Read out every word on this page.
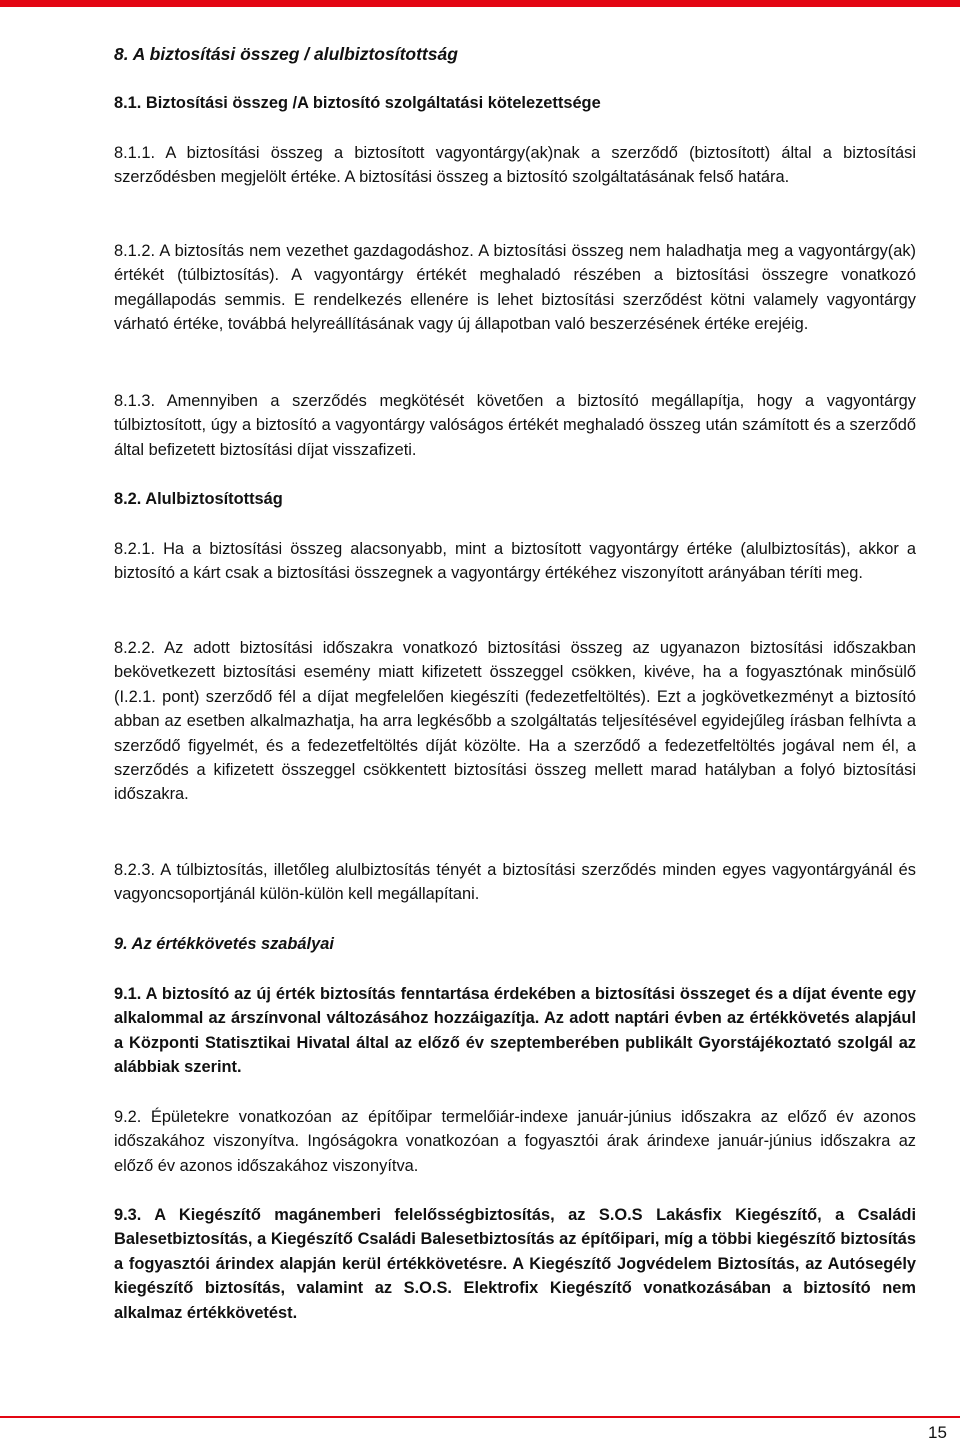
8. A biztosítási összeg / alulbiztosítottság

8.1. Biztosítási összeg /A biztosító szolgáltatási kötelezettsége

8.1.1. A biztosítási összeg a biztosított vagyontárgy(ak)nak a szerződő (biztosított) által a biztosítási szerződésben megjelölt értéke. A biztosítási összeg a biztosító szolgáltatásának felső határa.

8.1.2. A biztosítás nem vezethet gazdagodáshoz. A biztosítási összeg nem haladhatja meg a vagyontárgy(ak) értékét (túlbiztosítás). A vagyontárgy értékét meghaladó részében a biztosítási összegre vonatkozó megállapodás semmis. E rendelkezés ellenére is lehet biztosítási szerződést kötni valamely vagyontárgy várható értéke, továbbá helyreállításának vagy új állapotban való beszerzésének értéke erejéig.

8.1.3. Amennyiben a szerződés megkötését követően a biztosító megállapítja, hogy a vagyontárgy túlbiztosított, úgy a biztosító a vagyontárgy valóságos értékét meghaladó összeg után számított és a szerződő által befizetett biztosítási díjat visszafizeti.

8.2. Alulbiztosítottság

8.2.1. Ha a biztosítási összeg alacsonyabb, mint a biztosított vagyontárgy értéke (alulbiztosítás), akkor a biztosító a kárt csak a biztosítási összegnek a vagyontárgy értékéhez viszonyított arányában téríti meg.

8.2.2. Az adott biztosítási időszakra vonatkozó biztosítási összeg az ugyanazon biztosítási időszakban bekövetkezett biztosítási esemény miatt kifizetett összeggel csökken, kivéve, ha a fogyasztónak minősülő (I.2.1. pont) szerződő fél a díjat megfelelően kiegészíti (fedezetfeltöltés). Ezt a jogkövetkezményt a biztosító abban az esetben alkalmazhatja, ha arra legkésőbb a szolgáltatás teljesítésével egyidejűleg írásban felhívta a szerződő figyelmét, és a fedezetfeltöltés díját közölte. Ha a szerződő a fedezetfeltöltés jogával nem él, a szerződés a kifizetett összeggel csökkentett biztosítási összeg mellett marad hatályban a folyó biztosítási időszakra.

8.2.3. A túlbiztosítás, illetőleg alulbiztosítás tényét a biztosítási szerződés minden egyes vagyontárgyánál és vagyoncsoportjánál külön-külön kell megállapítani.

9. Az értékkövetés szabályai

9.1. A biztosító az új érték biztosítás fenntartása érdekében a biztosítási összeget és a díjat évente egy alkalommal az árszínvonal változásához hozzáigazítja. Az adott naptári évben az értékkövetés alapjául a Központi Statisztikai Hivatal által az előző év szeptemberében publikált Gyorstájékoztató szolgál az alábbiak szerint.

9.2. Épületekre vonatkozóan az építőipar termelőiár-indexe január-június időszakra az előző év azonos időszakához viszonyítva. Ingóságokra vonatkozóan a fogyasztói árak árindexe január-június időszakra az előző év azonos időszakához viszonyítva.

9.3. A Kiegészítő magánemberi felelősségbiztosítás, az S.O.S Lakásfix Kiegészítő, a Családi Balesetbiztosítás, a Kiegészítő Családi Balesetbiztosítás az építőipari, míg a többi kiegészítő biztosítás a fogyasztói árindex alapján kerül értékkövetésre. A Kiegészítő Jogvédelem Biztosítás, az Autósegély kiegészítő biztosítás, valamint az S.O.S. Elektrofix Kiegészítő vonatkozásában a biztosító nem alkalmaz értékkövetést.

15
